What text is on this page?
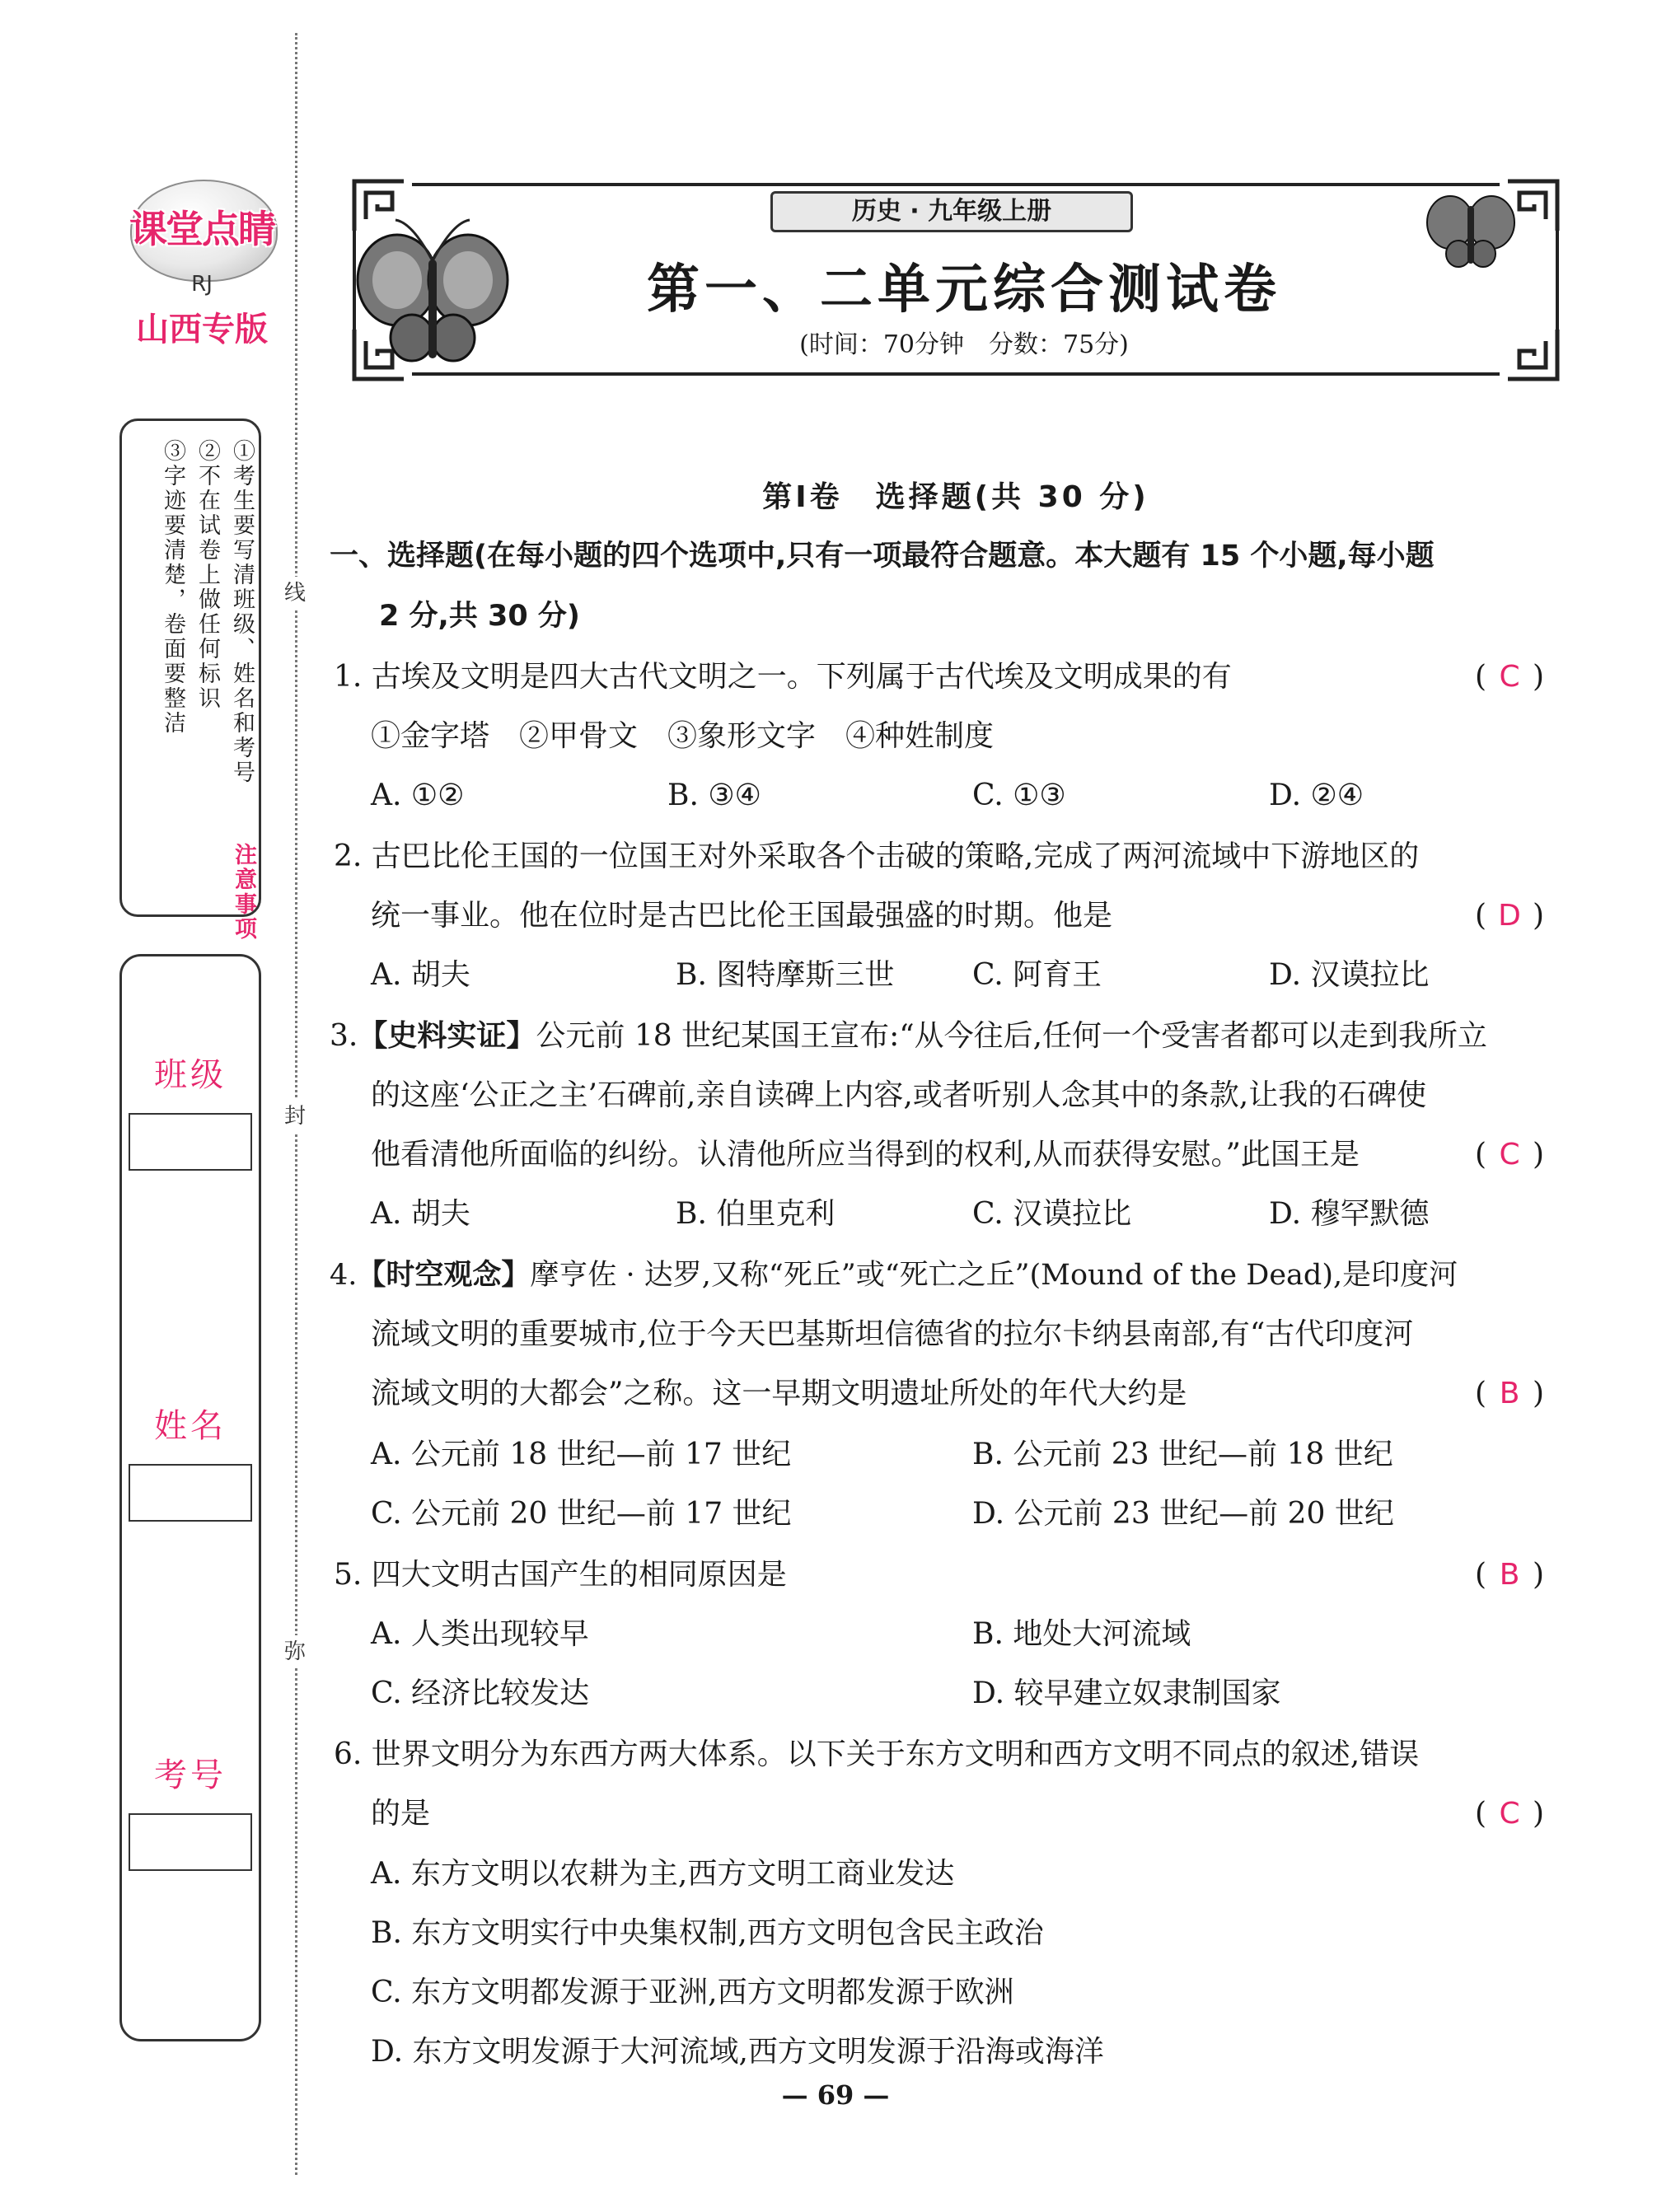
课堂点睛
RJ
山西专版
注意事项
①考生要写清班级、姓名和考号
②不在试卷上做任何标识
③字迹要清楚，卷面要整洁
班级
姓名
考号
线
封
弥
历史 · 九年级上册
第一、二单元综合测试卷
(时间：70分钟　分数：75分)
第Ⅰ卷　选择题(共 30 分)
一、选择题(在每小题的四个选项中,只有一项最符合题意。本大题有 15 个小题,每小题
2 分,共 30 分)
1. 古埃及文明是四大古代文明之一。下列属于古代埃及文明成果的有	( C )
①金字塔　②甲骨文　③象形文字　④种姓制度
A. ①②	B. ③④	C. ①③	D. ②④
2. 古巴比伦王国的一位国王对外采取各个击破的策略,完成了两河流域中下游地区的
统一事业。他在位时是古巴比伦王国最强盛的时期。他是	( D )
A. 胡夫	B. 图特摩斯三世	C. 阿育王	D. 汉谟拉比
3.【史料实证】公元前 18 世纪某国王宣布:“从今往后,任何一个受害者都可以走到我所立
的这座‘公正之主’石碑前,亲自读碑上内容,或者听别人念其中的条款,让我的石碑使
他看清他所面临的纠纷。认清他所应当得到的权利,从而获得安慰。”此国王是	( C )
A. 胡夫	B. 伯里克利	C. 汉谟拉比	D. 穆罕默德
4.【时空观念】摩亨佐 · 达罗,又称“死丘”或“死亡之丘”(Mound of the Dead),是印度河
流域文明的重要城市,位于今天巴基斯坦信德省的拉尔卡纳县南部,有“古代印度河
流域文明的大都会”之称。这一早期文明遗址所处的年代大约是	( B )
A. 公元前 18 世纪—前 17 世纪	B. 公元前 23 世纪—前 18 世纪
C. 公元前 20 世纪—前 17 世纪	D. 公元前 23 世纪—前 20 世纪
5. 四大文明古国产生的相同原因是	( B )
A. 人类出现较早	B. 地处大河流域
C. 经济比较发达	D. 较早建立奴隶制国家
6. 世界文明分为东西方两大体系。以下关于东方文明和西方文明不同点的叙述,错误
的是	( C )
A. 东方文明以农耕为主,西方文明工商业发达
B. 东方文明实行中央集权制,西方文明包含民主政治
C. 东方文明都发源于亚洲,西方文明都发源于欧洲
D. 东方文明发源于大河流域,西方文明发源于沿海或海洋
— 69 —
